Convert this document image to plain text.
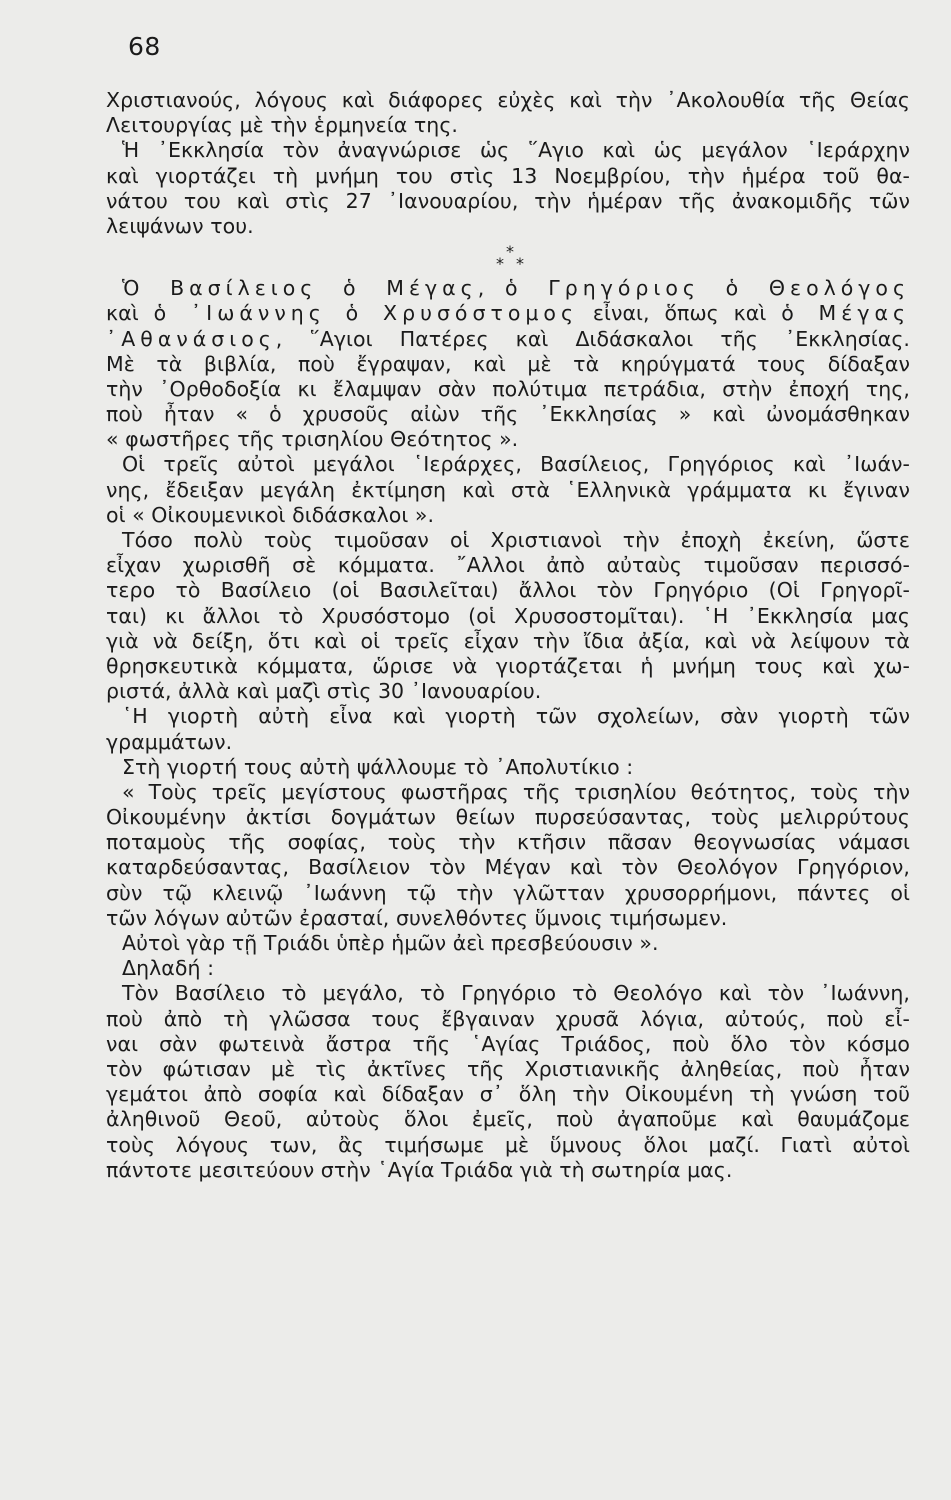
68
Χριστιανούς, λόγους καὶ διάφορες εὐχὲς καὶ τὴν ᾿Ακολουθία τῆς Θείας
Λειτουργίας μὲ τὴν ἑρμηνεία της.
Ἡ ᾿Εκκλησία τὸν ἀναγνώρισε ὡς ῞Αγιο καὶ ὡς μεγάλον ῾Ιεράρχην
καὶ γιορτάζει τὴ μνήμη του στὶς 13 Νοεμβρίου, τὴν ἡμέρα τοῦ θα-
νάτου του καὶ στὶς 27 ᾿Ιανουαρίου, τὴν ἡμέραν τῆς ἀνακομιδῆς τῶν
λειψάνων του.
*
* *
Ὁ Βασίλειος ὁ Μέγας, ὁ Γρηγόριος ὁ Θεολόγος
καὶ ὁ ᾿Ιωάννης ὁ Χρυσόστομος εἶναι, ὅπως καὶ ὁ Μέγας
᾿Αθανάσιος, ῞Αγιοι Πατέρες καὶ Διδάσκαλοι τῆς ᾿Εκκλησίας.
Μὲ τὰ βιβλία, ποὺ ἔγραψαν, καὶ μὲ τὰ κηρύγματά τους δίδαξαν
τὴν ᾿Ορθοδοξία κι ἔλαμψαν σὰν πολύτιμα πετράδια, στὴν ἐποχή της,
ποὺ ἦταν « ὁ χρυσοῦς αἰὼν τῆς ᾿Εκκλησίας » καὶ ὠνομάσθηκαν
« φωστῆρες τῆς τρισηλίου Θεότητος ».
Οἱ τρεῖς αὐτοὶ μεγάλοι ῾Ιεράρχες, Βασίλειος, Γρηγόριος καὶ ᾿Ιωάν-
νης, ἔδειξαν μεγάλη ἐκτίμηση καὶ στὰ ῾Ελληνικὰ γράμματα κι ἔγιναν
οἱ « Οἰκουμενικοὶ διδάσκαλοι ».
Τόσο πολὺ τοὺς τιμοῦσαν οἱ Χριστιανοὶ τὴν ἐποχὴ ἐκείνη, ὥστε
εἶχαν χωρισθῆ σὲ κόμματα. ῎Αλλοι ἀπὸ αὐταὺς τιμοῦσαν περισσό-
τερο τὸ Βασίλειο (οἱ Βασιλεῖται) ἄλλοι τὸν Γρηγόριο (Οἱ Γρηγορῖ-
ται) κι ἄλλοι τὸ Χρυσόστομο (οἱ Χρυσοστομῖται). ῾Η ᾿Εκκλησία μας
γιὰ νὰ δείξη, ὅτι καὶ οἱ τρεῖς εἶχαν τὴν ἴδια ἀξία, καὶ νὰ λείψουν τὰ
θρησκευτικὰ κόμματα, ὥρισε νὰ γιορτάζεται ἡ μνήμη τους καὶ χω-
ριστά, ἀλλὰ καὶ μαζὶ στὶς 30 ᾿Ιανουαρίου.
῾Η γιορτὴ αὐτὴ εἶνα καὶ γιορτὴ τῶν σχολείων, σὰν γιορτὴ τῶν
γραμμάτων.
Στὴ γιορτή τους αὐτὴ ψάλλουμε τὸ ᾿Απολυτίκιο :
« Τοὺς τρεῖς μεγίστους φωστῆρας τῆς τρισηλίου θεότητος, τοὺς τὴν
Οἰκουμένην ἀκτίσι δογμάτων θείων πυρσεύσαντας, τοὺς μελιρρύτους
ποταμοὺς τῆς σοφίας, τοὺς τὴν κτῆσιν πᾶσαν θεογνωσίας νάμασι
καταρδεύσαντας, Βασίλειον τὸν Μέγαν καὶ τὸν Θεολόγον Γρηγόριον,
σὺν τῷ κλεινῷ ᾿Ιωάννη τῷ τὴν γλῶτταν χρυσορρήμονι, πάντες οἱ
τῶν λόγων αὐτῶν ἐρασταί, συνελθόντες ὕμνοις τιμήσωμεν.
Αὐτοὶ γὰρ τῇ Τριάδι ὑπὲρ ἡμῶν ἀεὶ πρεσβεύουσιν ».
Δηλαδή :
Τὸν Βασίλειο τὸ μεγάλο, τὸ Γρηγόριο τὸ Θεολόγο καὶ τὸν ᾿Ιωάννη,
ποὺ ἀπὸ τὴ γλῶσσα τους ἔβγαιναν χρυσᾶ λόγια, αὐτούς, ποὺ εἶ-
ναι σὰν φωτεινὰ ἄστρα τῆς ῾Αγίας Τριάδος, ποὺ ὅλο τὸν κόσμο
τὸν φώτισαν μὲ τὶς ἀκτῖνες τῆς Χριστιανικῆς ἀληθείας, ποὺ ἦταν
γεμάτοι ἀπὸ σοφία καὶ δίδαξαν σ᾿ ὅλη τὴν Οἰκουμένη τὴ γνώση τοῦ
ἀληθινοῦ Θεοῦ, αὐτοὺς ὅλοι ἐμεῖς, ποὺ ἀγαποῦμε καὶ θαυμάζομε
τοὺς λόγους των, ἂς τιμήσωμε μὲ ὕμνους ὅλοι μαζί. Γιατὶ αὐτοὶ
πάντοτε μεσιτεύουν στὴν ῾Αγία Τριάδα γιὰ τὴ σωτηρία μας.
